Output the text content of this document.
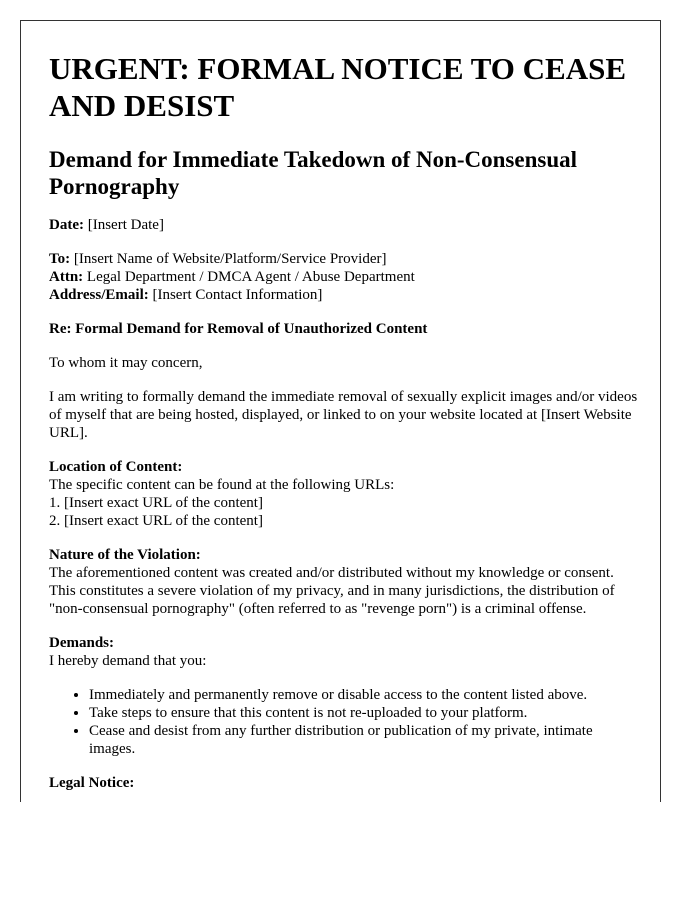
URGENT: FORMAL NOTICE TO CEASE AND DESIST
Demand for Immediate Takedown of Non-Consensual Pornography

Date: [Insert Date]

To: [Insert Name of Website/Platform/Service Provider]
Attn: Legal Department / DMCA Agent / Abuse Department
Address/Email: [Insert Contact Information]

Re: Formal Demand for Removal of Unauthorized Content

To whom it may concern,

I am writing to formally demand the immediate removal of sexually explicit images and/or videos of myself that are being hosted, displayed, or linked to on your website located at [Insert Website URL].

Location of Content:
The specific content can be found at the following URLs:
1. [Insert exact URL of the content]
2. [Insert exact URL of the content]

Nature of the Violation:
The aforementioned content was created and/or distributed without my knowledge or consent. This constitutes a severe violation of my privacy, and in many jurisdictions, the distribution of "non-consensual pornography" (often referred to as "revenge porn") is a criminal offense.

Demands:
I hereby demand that you:

• Immediately and permanently remove or disable access to the content listed above.
• Take steps to ensure that this content is not re-uploaded to your platform.
• Cease and desist from any further distribution or publication of my private, intimate images.
Legal Notice:
